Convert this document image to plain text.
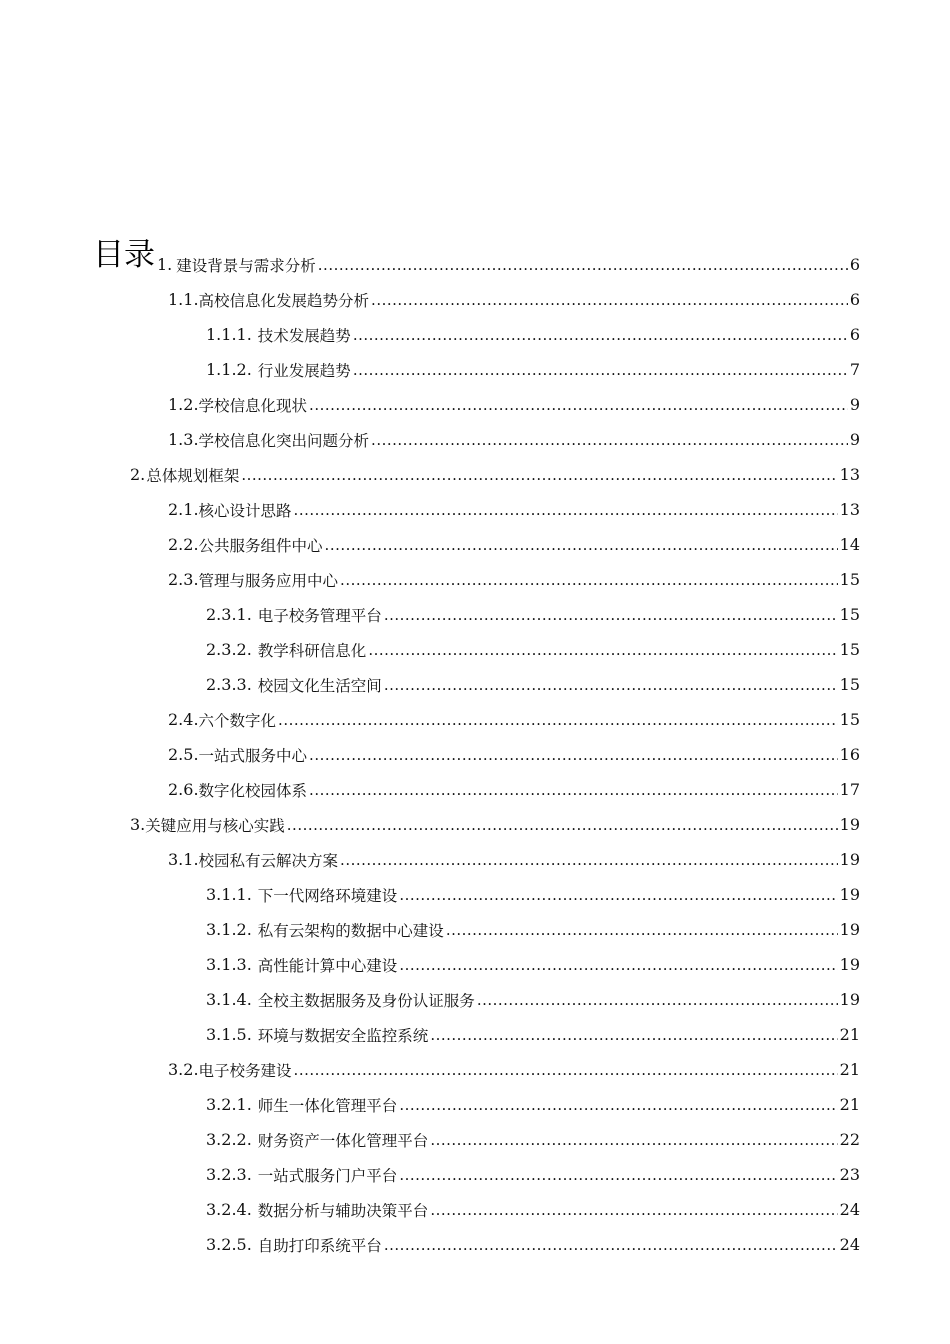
目录 1. 建设背景与需求分析 .....	6
1.1. 高校信息化发展趋势分析 .....	6
1.1.1. 技术发展趋势 .....	6
1.1.2. 行业发展趋势 .....	7
1.2. 学校信息化现状 .....	9
1.3. 学校信息化突出问题分析 .....	9
2. 总体规划框架 .....	13
2.1. 核心设计思路 .....	13
2.2. 公共服务组件中心 .....	14
2.3. 管理与服务应用中心 .....	15
2.3.1. 电子校务管理平台 .....	15
2.3.2. 教学科研信息化 .....	15
2.3.3. 校园文化生活空间 .....	15
2.4. 六个数字化 .....	15
2.5. 一站式服务中心 .....	16
2.6. 数字化校园体系 .....	17
3. 关键应用与核心实践 .....	19
3.1. 校园私有云解决方案 .....	19
3.1.1. 下一代网络环境建设 .....	19
3.1.2. 私有云架构的数据中心建设 .....	19
3.1.3. 高性能计算中心建设 .....	19
3.1.4. 全校主数据服务及身份认证服务 .....	19
3.1.5. 环境与数据安全监控系统 .....	21
3.2. 电子校务建设 .....	21
3.2.1. 师生一体化管理平台 .....	21
3.2.2. 财务资产一体化管理平台 .....	22
3.2.3. 一站式服务门户平台 .....	23
3.2.4. 数据分析与辅助决策平台 .....	24
3.2.5. 自助打印系统平台 .....	24
